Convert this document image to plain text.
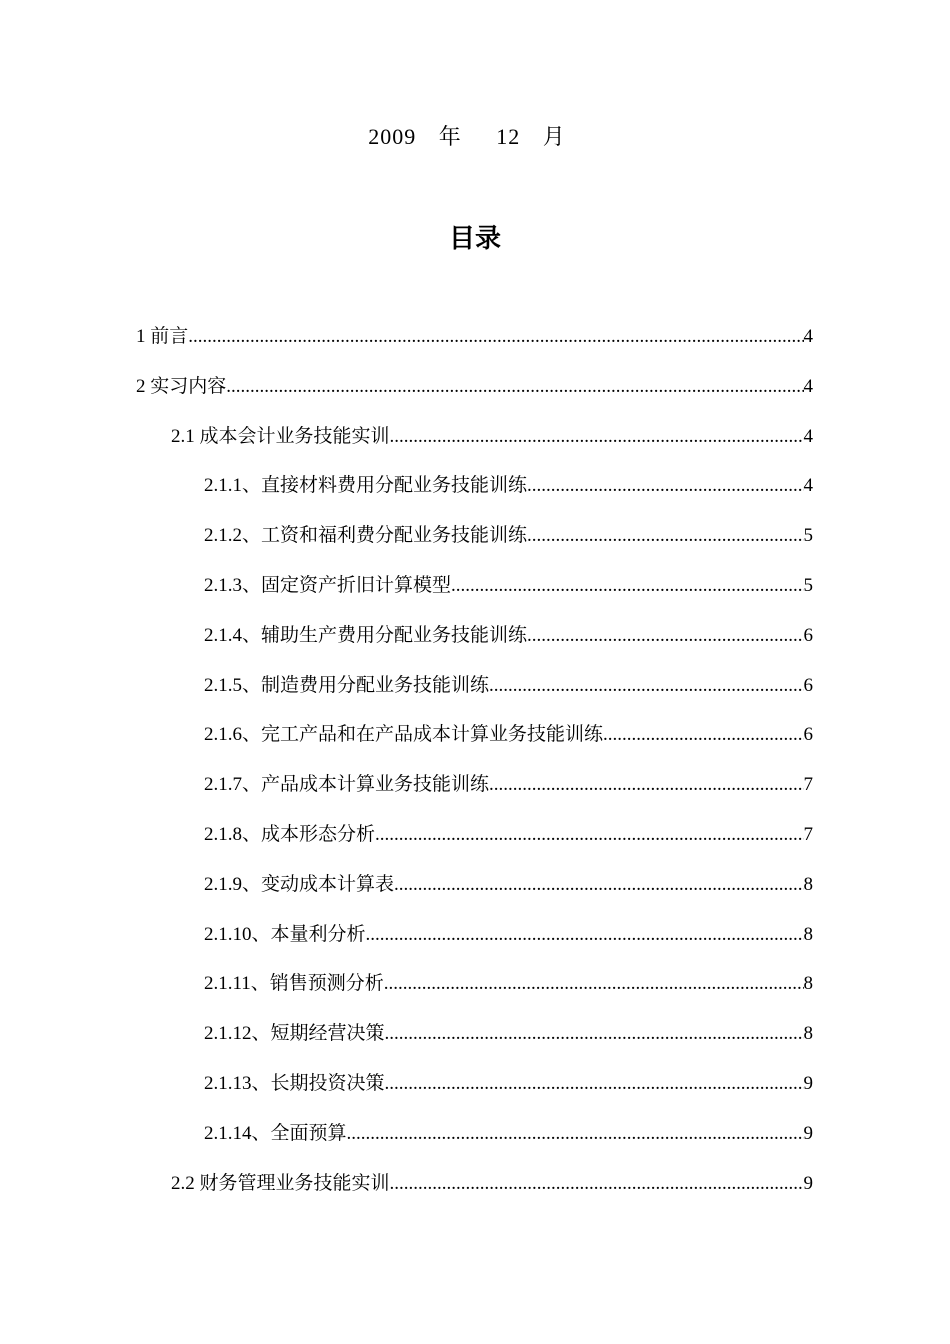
2009 年 12 月
目录
1 前言 .....	4
2 实习内容 .....	4
2.1 成本会计业务技能实训 .....	4
2.1.1、直接材料费用分配业务技能训练 .....	4
2.1.2、工资和福利费分配业务技能训练 .....	5
2.1.3、固定资产折旧计算模型 .....	5
2.1.4、辅助生产费用分配业务技能训练 .....	6
2.1.5、制造费用分配业务技能训练 .....	6
2.1.6、完工产品和在产品成本计算业务技能训练 .....	6
2.1.7、产品成本计算业务技能训练 .....	7
2.1.8、成本形态分析 .....	7
2.1.9、变动成本计算表 .....	8
2.1.10、本量利分析 .....	8
2.1.11、销售预测分析 .....	8
2.1.12、短期经营决策 .....	8
2.1.13、长期投资决策 .....	9
2.1.14、全面预算 .....	9
2.2 财务管理业务技能实训 .....	9
